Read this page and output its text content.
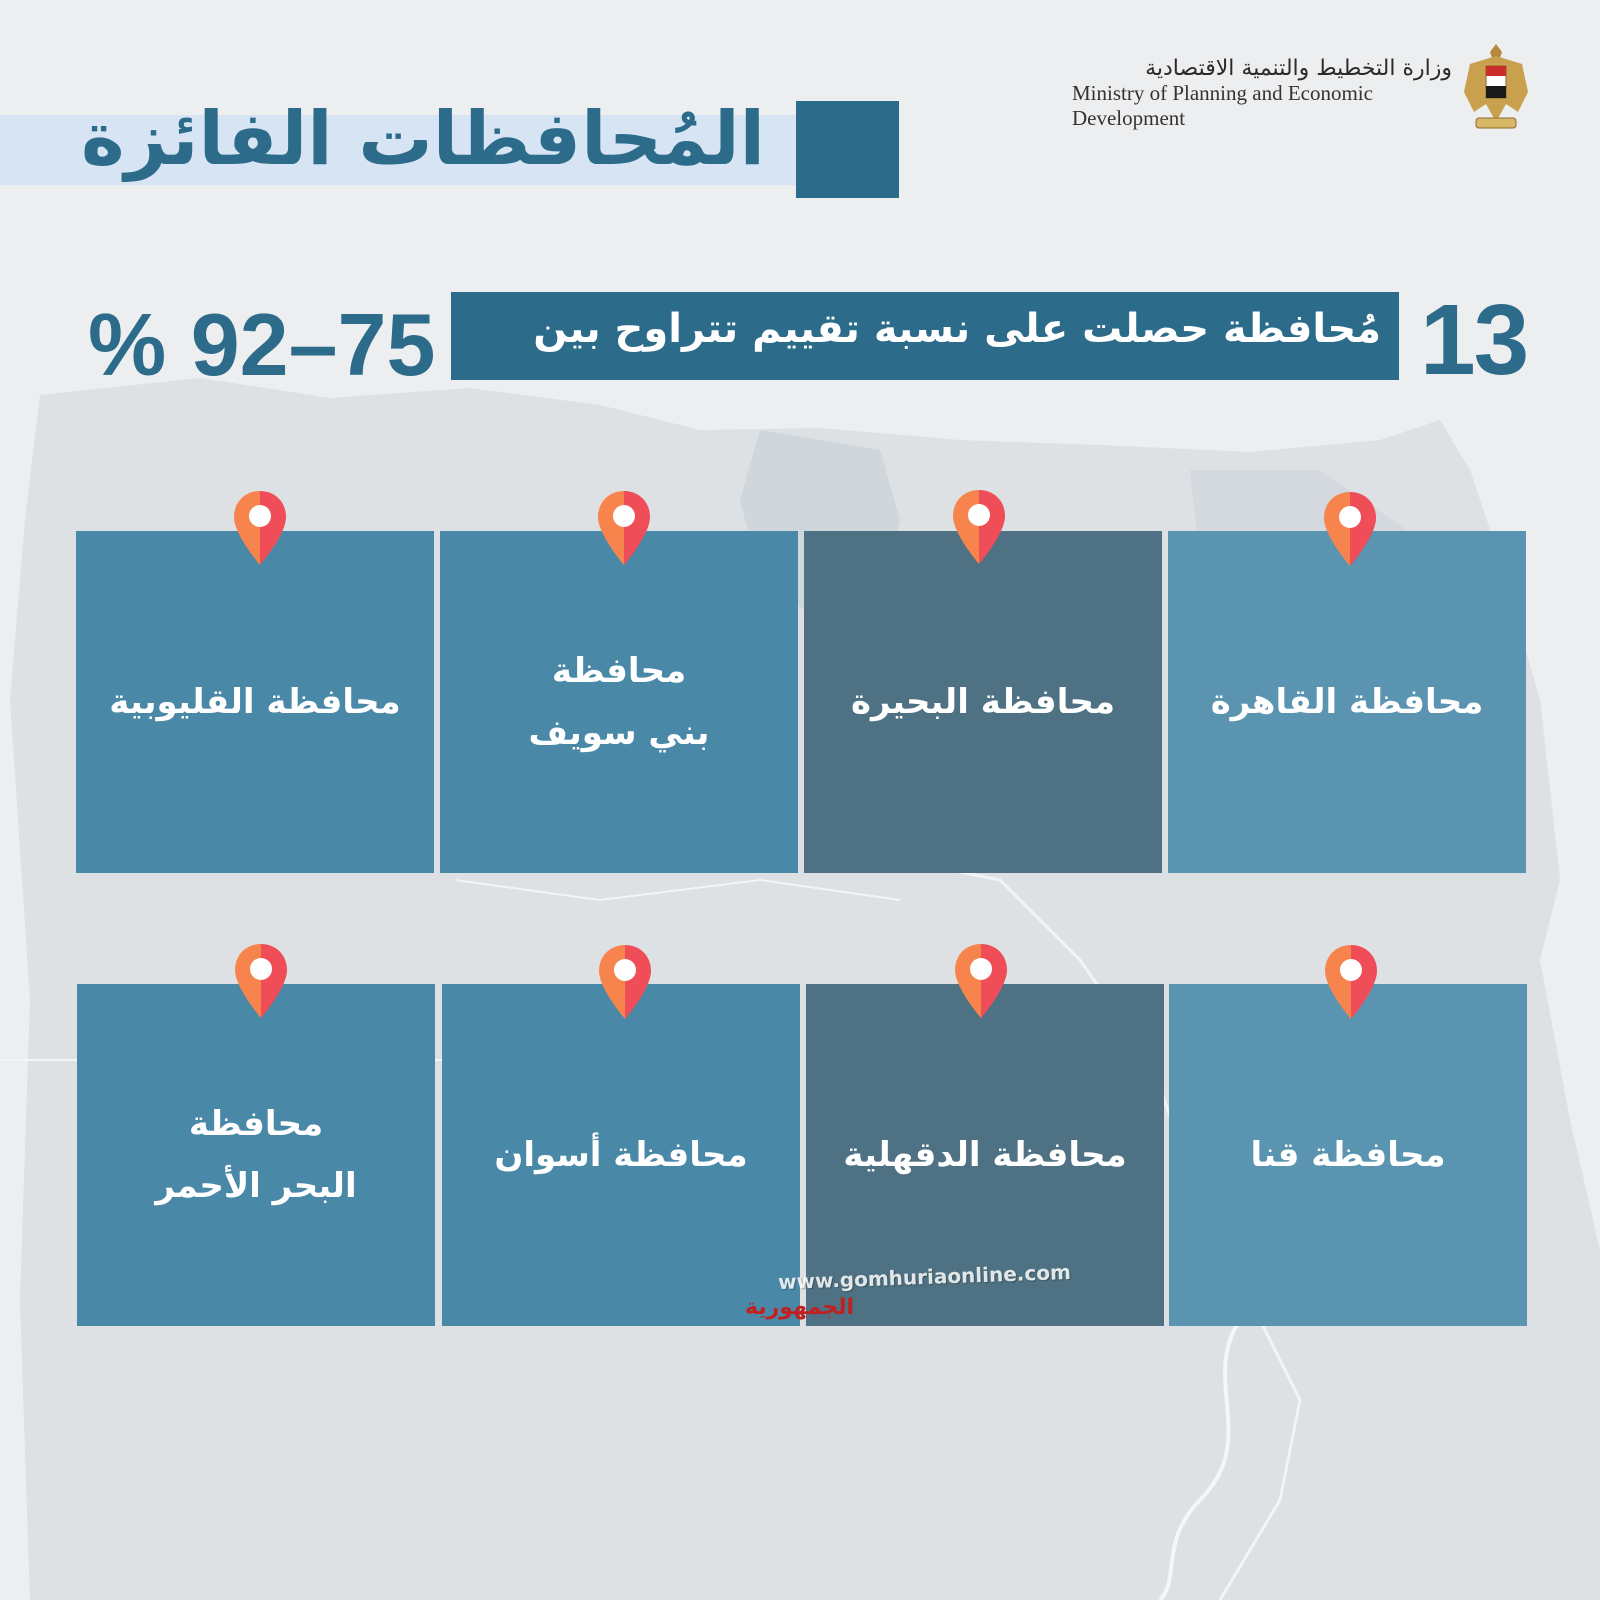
المُحافظات الفائزة
وزارة التخطيط والتنمية الاقتصادية
Ministry of Planning and Economic
Development
13
مُحافظة حصلت على نسبة تقييم تتراوح بين
% 92–75
محافظة القاهرة
محافظة البحيرة
محافظة
بني سويف
محافظة القليوبية
محافظة قنا
محافظة الدقهلية
محافظة أسوان
محافظة
البحر الأحمر
www.gomhuriaonline.com
الجمهورية
